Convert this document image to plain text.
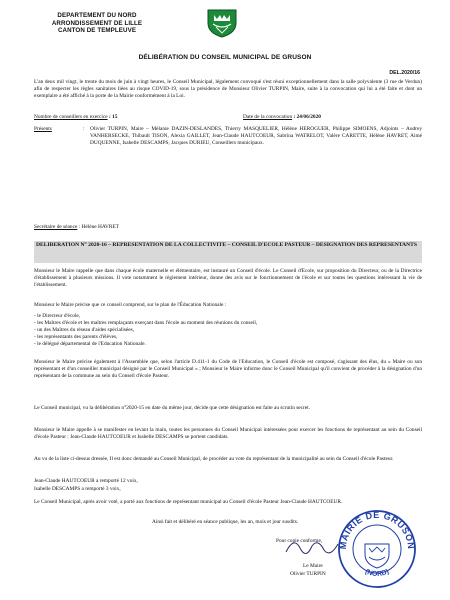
DEPARTEMENT DU NORD
ARRONDISSEMENT DE LILLE
CANTON DE TEMPLEUVE
DÉLIBÉRATION DU CONSEIL MUNICIPAL DE GRUSON
DEL.2020/16
L'an deux mil vingt, le trente du mois de juin à vingt heures, le Conseil Municipal, légalement convoqué s'est réuni exceptionnellement dans la salle polyvalente (3 rue de Verdun) afin de respecter les règles sanitaires liées au risque COVID-19, sous la présidence de Monsieur Olivier TURPIN, Maire, suite à la convocation qui lui a été faite et dont un exemplaire a été affiché à la porte de la Mairie conformément à la Loi.
Nombre de conseillers en exercice : 15	Date de la convocation : 24/06/2020
Présents	: Olivier TURPIN, Maire – Mélanie DAZIN-DESLANDES, Thierry MASQUELIER, Hélène HEROGUER, Philippe SIMOENS, Adjoints – Audrey VANHERSECKE, Thibault TISON, Alexia GAILLET, Jean-Claude HAUTCOEUR, Sabrina WATRELOT, Valère CARETTE, Hélène HAVRET, Aimé DUQUENNE, Isabelle DESCAMPS, Jacques DURIEU, Conseillers municipaux.
Secrétaire de séance : Hélène HAVRET
DELIBERATION N° 2020-16 – REPRESENTATION DE LA COLLECTIVITE – CONSEIL D'ECOLE PASTEUR – DESIGNATION DES REPRESENTANTS
Monsieur le Maire rappelle que dans chaque école maternelle et élémentaire, est instauré un Conseil d'école. Le Conseil d'Ecole, sur proposition du Directeur, ou de la Directrice d'établissement à plusieurs missions. Il vote notamment le règlement intérieur, donne des avis sur le fonctionnement de l'école et sur toutes les questions intéressant la vie de l'établissement.
Monsieur le Maire précise que ce conseil comprend, sur le plan de l'Éducation Nationale :
- le Directeur d'école,
- les Maîtres d'école et les maîtres remplaçants exerçant dans l'école au moment des réunions du conseil,
- un des Maîtres du réseau d'aides spécialisées,
- les représentants des parents d'élèves,
- le délégué départemental de l'Education Nationale.
Monsieur le Maire précise également à l'Assemblée que, selon l'article D.411-1 du Code de l'Education, le Conseil d'école est composé, s'agissant des élus, du « Maire ou son représentant et d'un conseiller municipal désigné par le Conseil Municipal » ; Monsieur le Maire informe donc le Conseil Municipal qu'il convient de procéder à la désignation d'un représentant de la commune au sein du Conseil d'école Pasteur.
Le Conseil municipal, vu la délibération n°2020-15 en date du même jour, décide que cette désignation est faite au scrutin secret.
Monsieur le Maire appelle à se manifester en levant la main, toutes les personnes du Conseil Municipal intéressées pour exercer les fonctions de représentant au sein du Conseil d'école Pasteur : Jean-Claude HAUTCOEUR et Isabelle DESCAMPS se portent candidats.
Au vu de la liste ci-dessus dressée, Il est donc demandé au Conseil Municipal, de procéder au vote du représentant de la municipalité au sein du Conseil d'école Pasteur.
Jean-Claude HAUTCOEUR a remporté 12 voix,
Isabelle DESCAMPS a remporté 3 voix,
Le Conseil Municipal, après avoir voté, a porté aux fonctions de représentant municipal au Conseil d'école Pasteur Jean-Claude HAUTCOEUR.
Ainsi fait et délibéré en séance publique, les an, mois et jour susdits.
Pour copie conforme,
Le Maire
Olivier TURPIN
MAIRIE DE GRUSON
(NORD)
